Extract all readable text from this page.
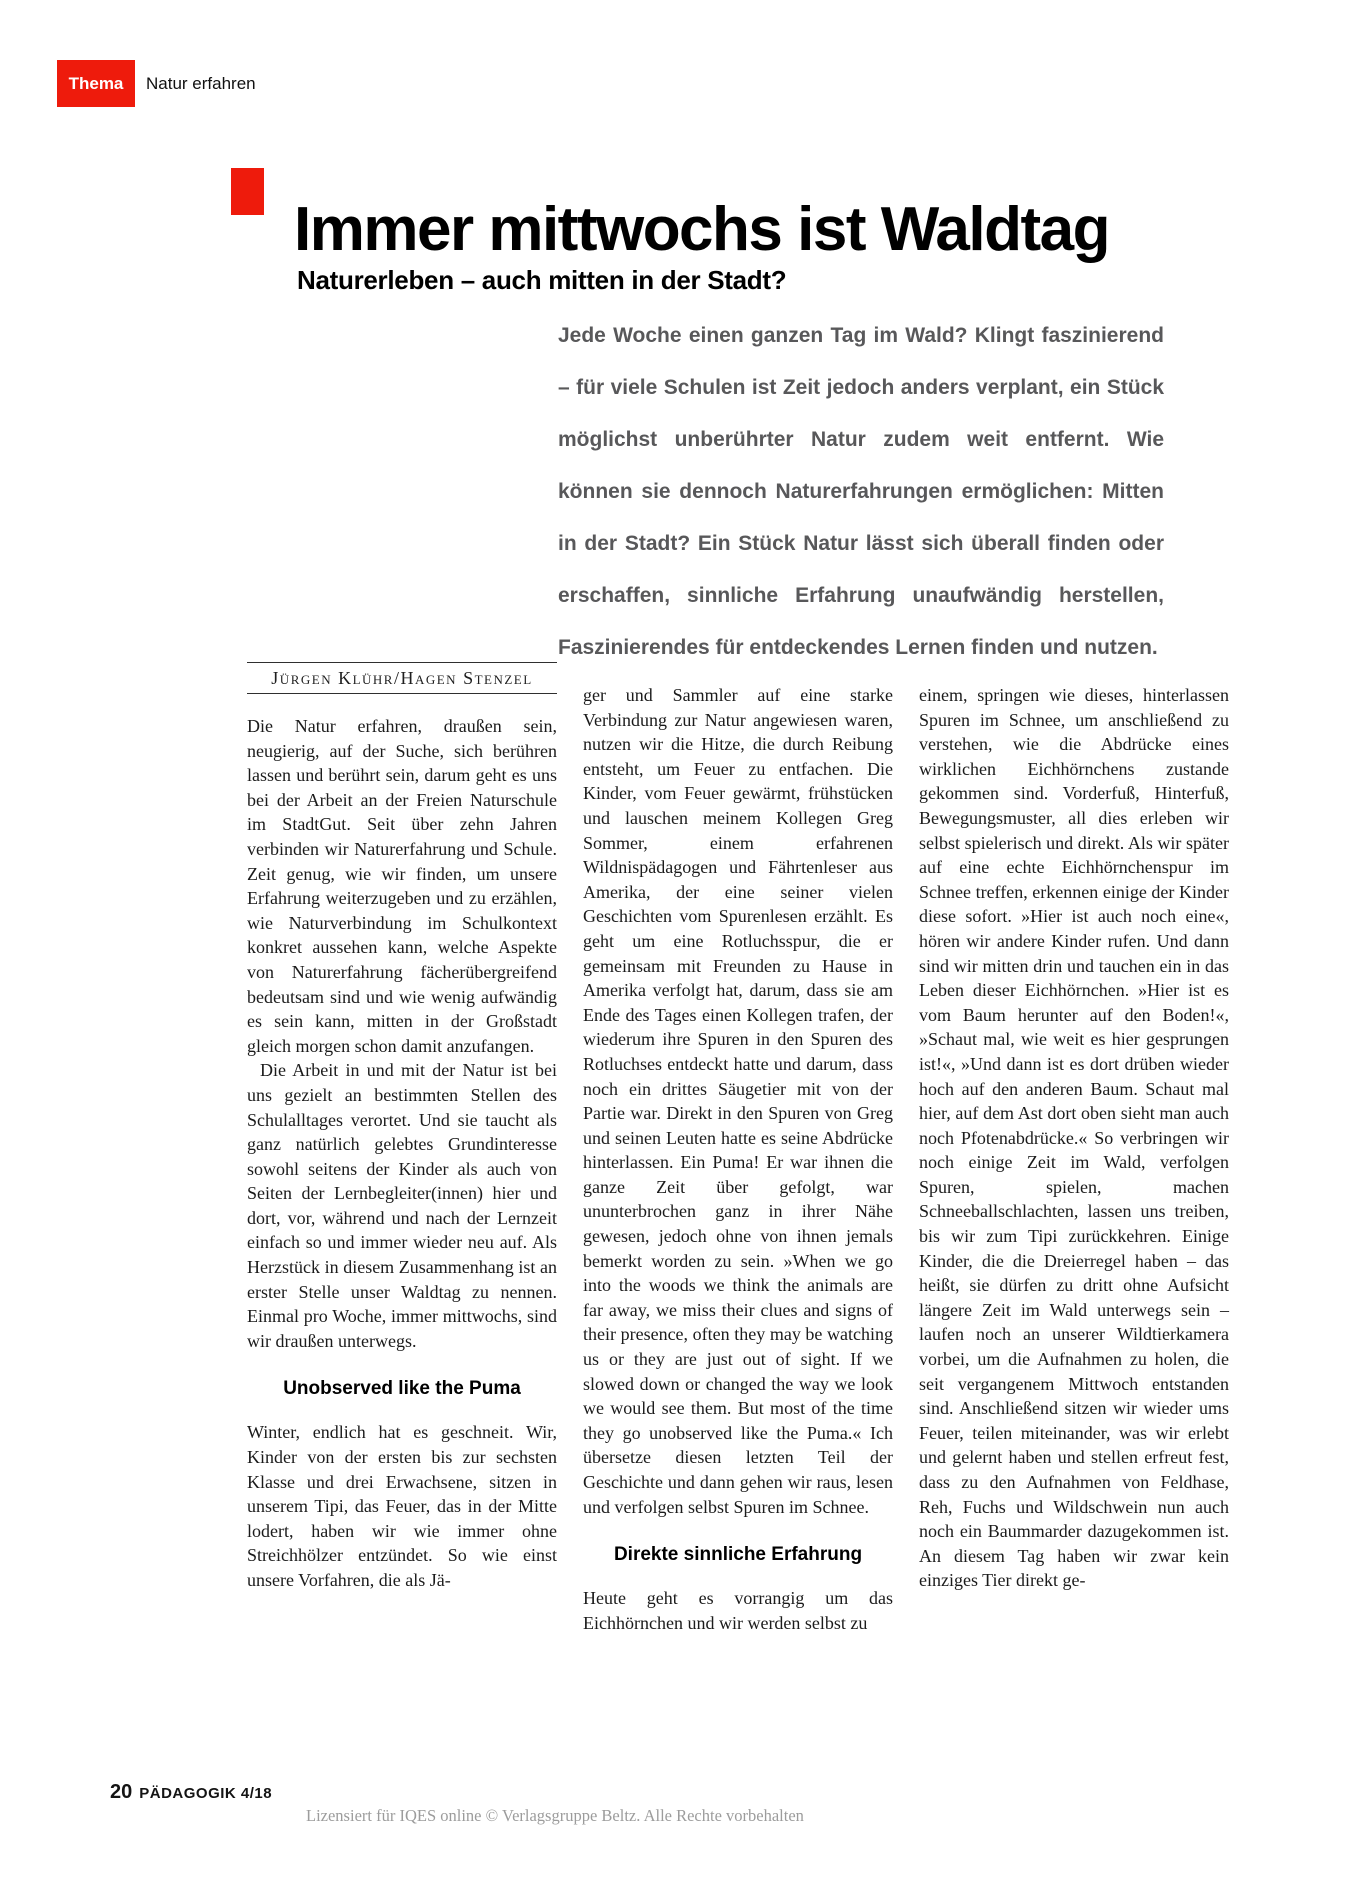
Thema Natur erfahren
Immer mittwochs ist Waldtag
Naturerleben – auch mitten in der Stadt?
Jede Woche einen ganzen Tag im Wald? Klingt faszinierend – für viele Schulen ist Zeit jedoch anders verplant, ein Stück möglichst unberührter Natur zudem weit entfernt. Wie können sie dennoch Naturerfahrungen ermöglichen: Mitten in der Stadt? Ein Stück Natur lässt sich überall finden oder erschaffen, sinnliche Erfahrung unaufwändig herstellen, Faszinierendes für entdeckendes Lernen finden und nutzen.
Jürgen Klühr/Hagen Stenzel

Die Natur erfahren, draußen sein, neugierig, auf der Suche, sich berühren lassen und berührt sein, darum geht es uns bei der Arbeit an der Freien Naturschule im StadtGut. Seit über zehn Jahren verbinden wir Naturerfahrung und Schule. Zeit genug, wie wir finden, um unsere Erfahrung weiterzugeben und zu erzählen, wie Naturverbindung im Schulkontext konkret aussehen kann, welche Aspekte von Naturerfahrung fächerübergreifend bedeutsam sind und wie wenig aufwändig es sein kann, mitten in der Großstadt gleich morgen schon damit anzufangen.

Die Arbeit in und mit der Natur ist bei uns gezielt an bestimmten Stellen des Schulalltages verortet. Und sie taucht als ganz natürlich gelebtes Grundinteresse sowohl seitens der Kinder als auch von Seiten der Lernbegleiter(innen) hier und dort, vor, während und nach der Lernzeit einfach so und immer wieder neu auf. Als Herzstück in diesem Zusammenhang ist an erster Stelle unser Waldtag zu nennen. Einmal pro Woche, immer mittwochs, sind wir draußen unterwegs.

Unobserved like the Puma

Winter, endlich hat es geschneit. Wir, Kinder von der ersten bis zur sechsten Klasse und drei Erwachsene, sitzen in unserem Tipi, das Feuer, das in der Mitte lodert, haben wir wie immer ohne Streichhölzer entzündet. So wie einst unsere Vorfahren, die als Jä-

ger und Sammler auf eine starke Verbindung zur Natur angewiesen waren, nutzen wir die Hitze, die durch Reibung entsteht, um Feuer zu entfachen. Die Kinder, vom Feuer gewärmt, frühstücken und lauschen meinem Kollegen Greg Sommer, einem erfahrenen Wildnispädagogen und Fährtenleser aus Amerika, der eine seiner vielen Geschichten vom Spurenlesen erzählt. Es geht um eine Rotluchsspur, die er gemeinsam mit Freunden zu Hause in Amerika verfolgt hat, darum, dass sie am Ende des Tages einen Kollegen trafen, der wiederum ihre Spuren in den Spuren des Rotluchses entdeckt hatte und darum, dass noch ein drittes Säugetier mit von der Partie war. Direkt in den Spuren von Greg und seinen Leuten hatte es seine Abdrücke hinterlassen. Ein Puma! Er war ihnen die ganze Zeit über gefolgt, war ununterbrochen ganz in ihrer Nähe gewesen, jedoch ohne von ihnen jemals bemerkt worden zu sein. »When we go into the woods we think the animals are far away, we miss their clues and signs of their presence, often they may be watching us or they are just out of sight. If we slowed down or changed the way we look we would see them. But most of the time they go unobserved like the Puma.« Ich übersetze diesen letzten Teil der Geschichte und dann gehen wir raus, lesen und verfolgen selbst Spuren im Schnee.

Direkte sinnliche Erfahrung

Heute geht es vorrangig um das Eichhörnchen und wir werden selbst zu

einem, springen wie dieses, hinterlassen Spuren im Schnee, um anschließend zu verstehen, wie die Abdrücke eines wirklichen Eichhörnchens zustande gekommen sind. Vorderfuß, Hinterfuß, Bewegungsmuster, all dies erleben wir selbst spielerisch und direkt. Als wir später auf eine echte Eichhörnchenspur im Schnee treffen, erkennen einige der Kinder diese sofort. »Hier ist auch noch eine«, hören wir andere Kinder rufen. Und dann sind wir mitten drin und tauchen ein in das Leben dieser Eichhörnchen. »Hier ist es vom Baum herunter auf den Boden!«, »Schaut mal, wie weit es hier gesprungen ist!«, »Und dann ist es dort drüben wieder hoch auf den anderen Baum. Schaut mal hier, auf dem Ast dort oben sieht man auch noch Pfotenabdrücke.« So verbringen wir noch einige Zeit im Wald, verfolgen Spuren, spielen, machen Schneeballschlachten, lassen uns treiben, bis wir zum Tipi zurückkehren. Einige Kinder, die die Dreierregel haben – das heißt, sie dürfen zu dritt ohne Aufsicht längere Zeit im Wald unterwegs sein – laufen noch an unserer Wildtierkamera vorbei, um die Aufnahmen zu holen, die seit vergangenem Mittwoch entstanden sind. Anschließend sitzen wir wieder ums Feuer, teilen miteinander, was wir erlebt und gelernt haben und stellen erfreut fest, dass zu den Aufnahmen von Feldhase, Reh, Fuchs und Wildschwein nun auch noch ein Baummarder dazugekommen ist. An diesem Tag haben wir zwar kein einziges Tier direkt ge-

20 PÄDAGOGIK 4/18
Lizensiert für IQES online © Verlagsgruppe Beltz. Alle Rechte vorbehalten
